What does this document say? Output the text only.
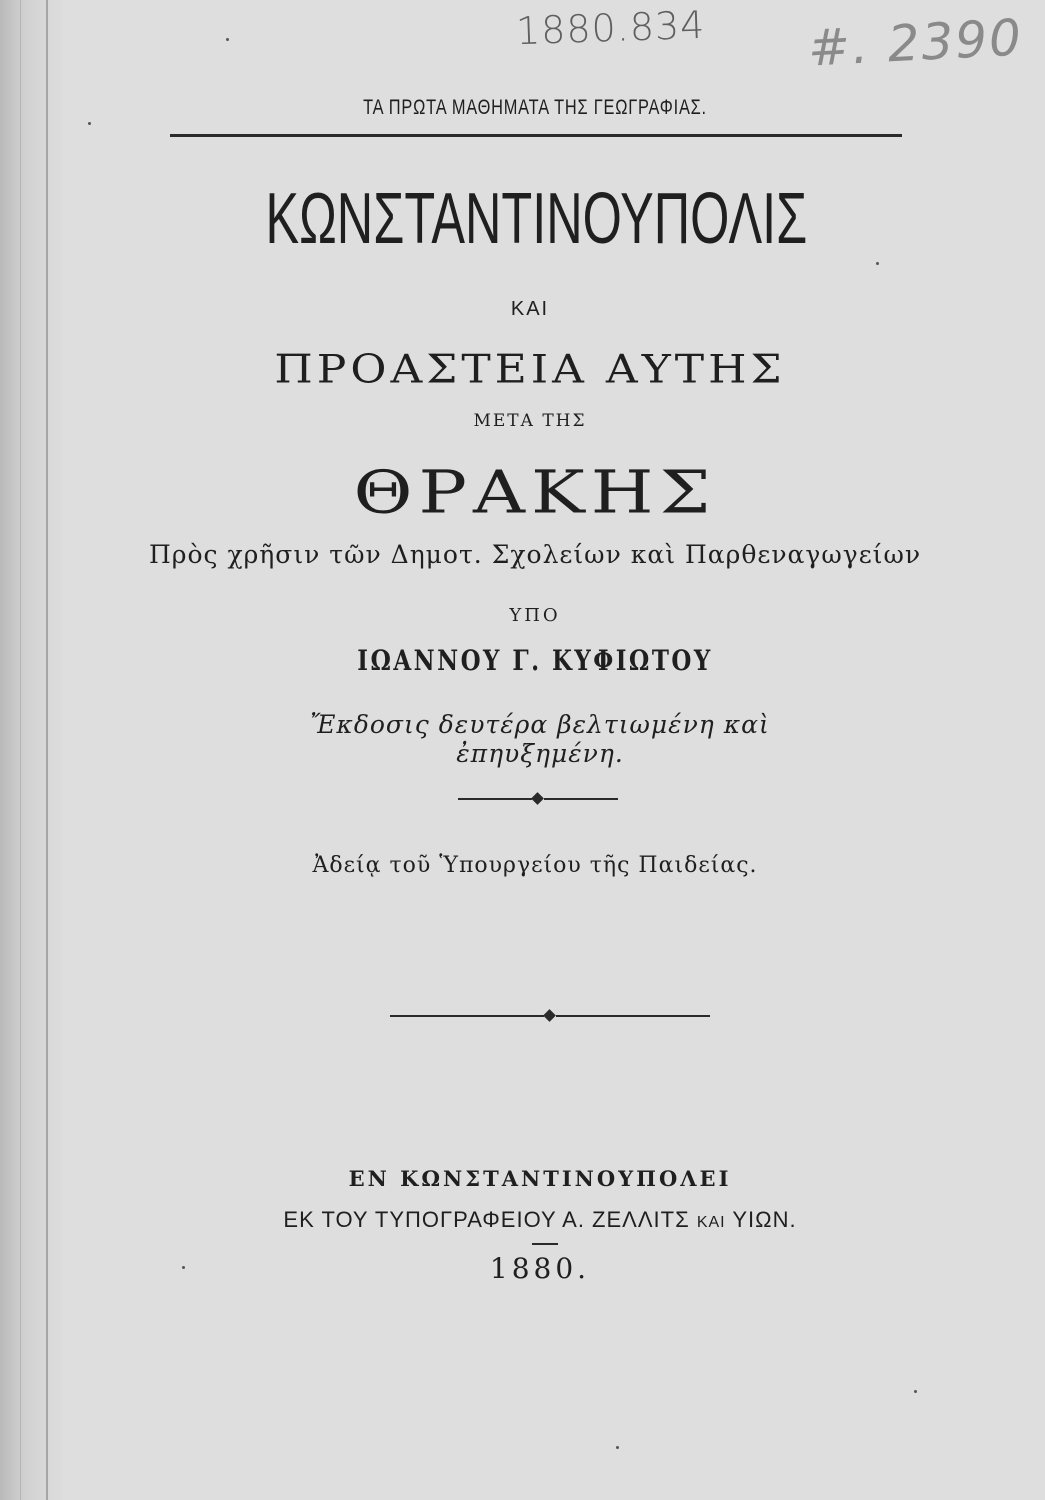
1880.834 #. 2390
ΤΑ ΠΡΩΤΑ ΜΑΘΗΜΑΤΑ ΤΗΣ ΓΕΩΓΡΑΦΙΑΣ.
ΚΩΝΣΤΑΝΤΙΝΟΥΠΟΛΙΣ
ΚΑΙ
ΠΡΟΑΣΤΕΙΑ ΑΥΤΗΣ
ΜΕΤΑ ΤΗΣ
ΘΡΑΚΗΣ
Πρὸς χρῆσιν τῶν Δημοτ. Σχολείων καὶ Παρθεναγωγείων
ΥΠΟ
ΙΩΑΝΝΟΥ Γ. ΚΥΦΙΩΤΟΥ
Ἔκδοσις δευτέρα βελτιωμένη καὶ ἐπηυξημένη.
Ἀδείᾳ τοῦ Ὑπουργείου τῆς Παιδείας.
ΕΝ ΚΩΝΣΤΑΝΤΙΝΟΥΠΟΛΕΙ
ΕΚ ΤΟΥ ΤΥΠΟΓΡΑΦΕΙΟΥ Α. ΖΕΛΛΙΤΣ ΚΑΙ ΥΙΩΝ.
1880.
